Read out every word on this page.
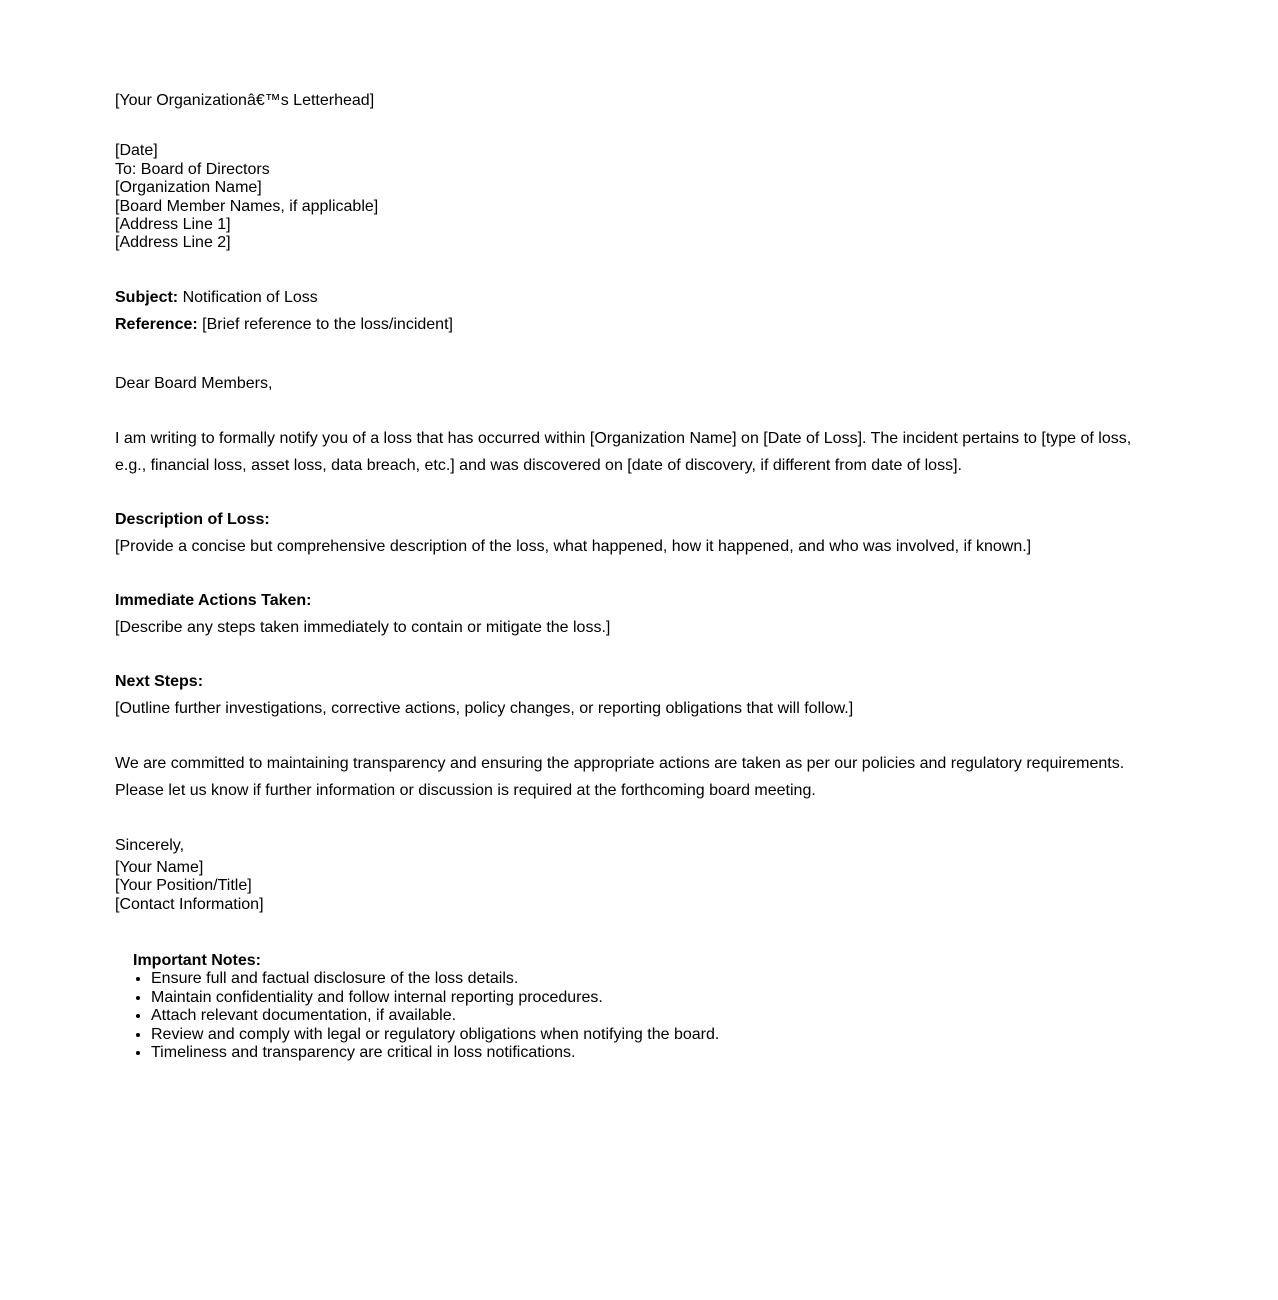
[Your Organizationâ€™s Letterhead]

[Date]

To: Board of Directors
[Organization Name]
[Board Member Names, if applicable]
[Address Line 1]
[Address Line 2]

Subject: Notification of Loss
Reference: [Brief reference to the loss/incident]

Dear Board Members,

I am writing to formally notify you of a loss that has occurred within [Organization Name] on [Date of Loss]. The incident pertains to [type of loss, e.g., financial loss, asset loss, data breach, etc.] and was discovered on [date of discovery, if different from date of loss].

Description of Loss:
[Provide a concise but comprehensive description of the loss, what happened, how it happened, and who was involved, if known.]

Immediate Actions Taken:
[Describe any steps taken immediately to contain or mitigate the loss.]

Next Steps:
[Outline further investigations, corrective actions, policy changes, or reporting obligations that will follow.]

We are committed to maintaining transparency and ensuring the appropriate actions are taken as per our policies and regulatory requirements. Please let us know if further information or discussion is required at the forthcoming board meeting.

Sincerely,

[Your Name]
[Your Position/Title]
[Contact Information]
Important Notes:
• Ensure full and factual disclosure of the loss details.
• Maintain confidentiality and follow internal reporting procedures.
• Attach relevant documentation, if available.
• Review and comply with legal or regulatory obligations when notifying the board.
• Timeliness and transparency are critical in loss notifications.
